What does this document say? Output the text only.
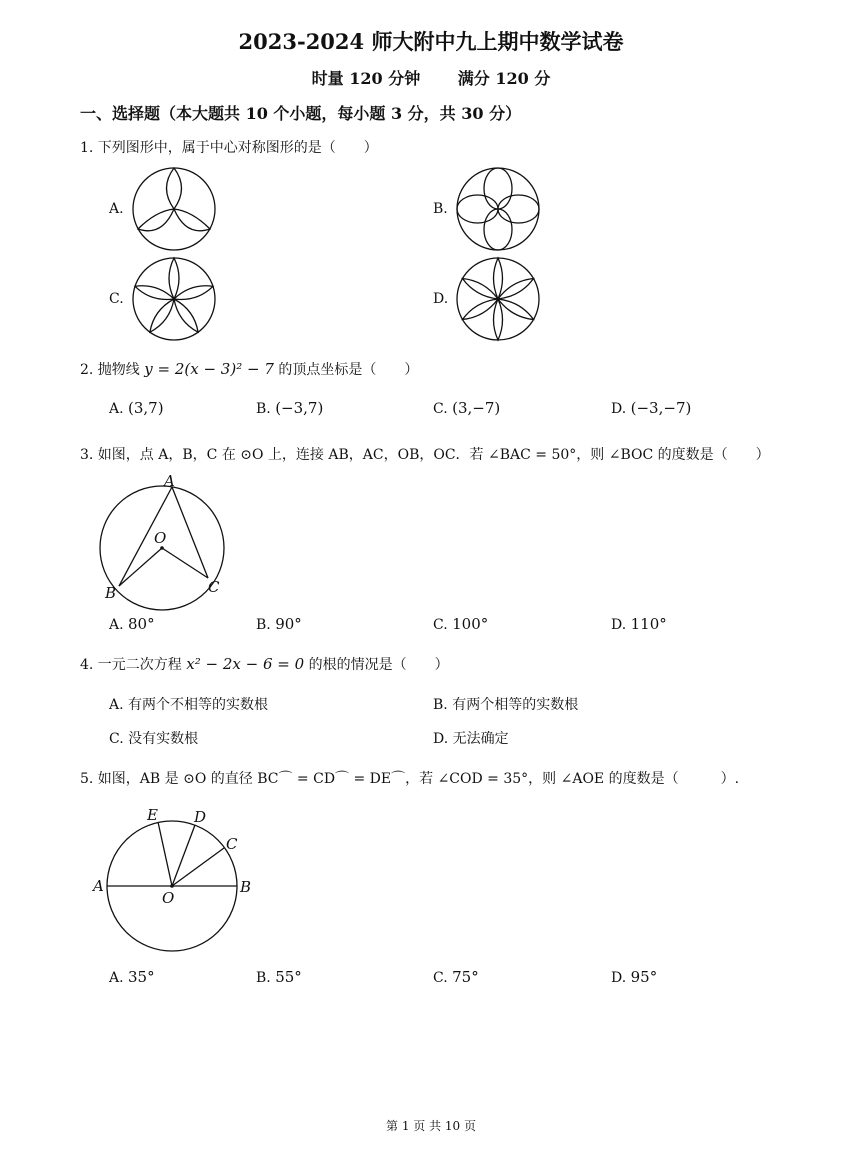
2023-2024 师大附中九上期中数学试卷
时量 120 分钟 满分 120 分
一、选择题（本大题共 10 个小题，每小题 3 分，共 30 分）
1. 下列图形中，属于中心对称图形的是（　　）
A.	B.
C.	D.
2. 抛物线 y = 2(x − 3)² − 7 的顶点坐标是（　　）
A. (3,7)	B. (−3,7)	C. (3,−7)	D. (−3,−7)
3. 如图，点 A，B，C 在 ⊙O 上，连接 AB，AC，OB，OC．若 ∠BAC = 50°，则 ∠BOC 的度数是（　　）
A
O
B	C
A. 80°	B. 90°	C. 100°	D. 110°
4. 一元二次方程 x² − 2x − 6 = 0 的根的情况是（　　）
A. 有两个不相等的实数根	B. 有两个相等的实数根
C. 没有实数根	D. 无法确定
5. 如图，AB 是 ⊙O 的直径 BC⌒ = CD⌒ = DE⌒，若 ∠COD = 35°，则 ∠AOE 的度数是（　　　）.
E D
C
A
O
B
A. 35°	B. 55°	C. 75°	D. 95°
第 1 页 共 10 页
